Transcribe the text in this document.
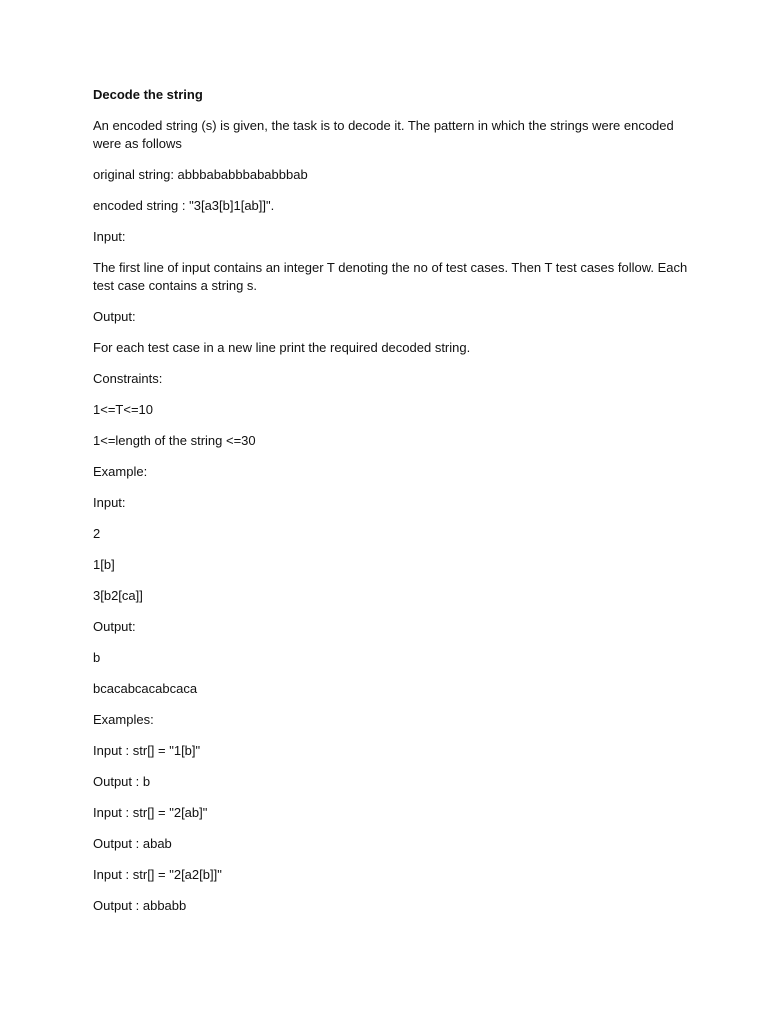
Decode the string

An encoded string (s) is given, the task is to decode it. The pattern in which the strings were encoded were as follows

original string: abbbababbbababbbab

encoded string : "3[a3[b]1[ab]]".

Input:

The first line of input contains an integer T denoting the no of test cases. Then T test cases follow. Each test case contains a string s.

Output:

For each test case in a new line print the required decoded string.

Constraints:

1<=T<=10

1<=length of the string <=30

Example:

Input:

2

1[b]

3[b2[ca]]

Output:

b

bcacabcacabcaca

Examples:

Input : str[] = "1[b]"

Output : b

Input : str[] = "2[ab]"

Output : abab

Input : str[] = "2[a2[b]]"

Output : abbabb
